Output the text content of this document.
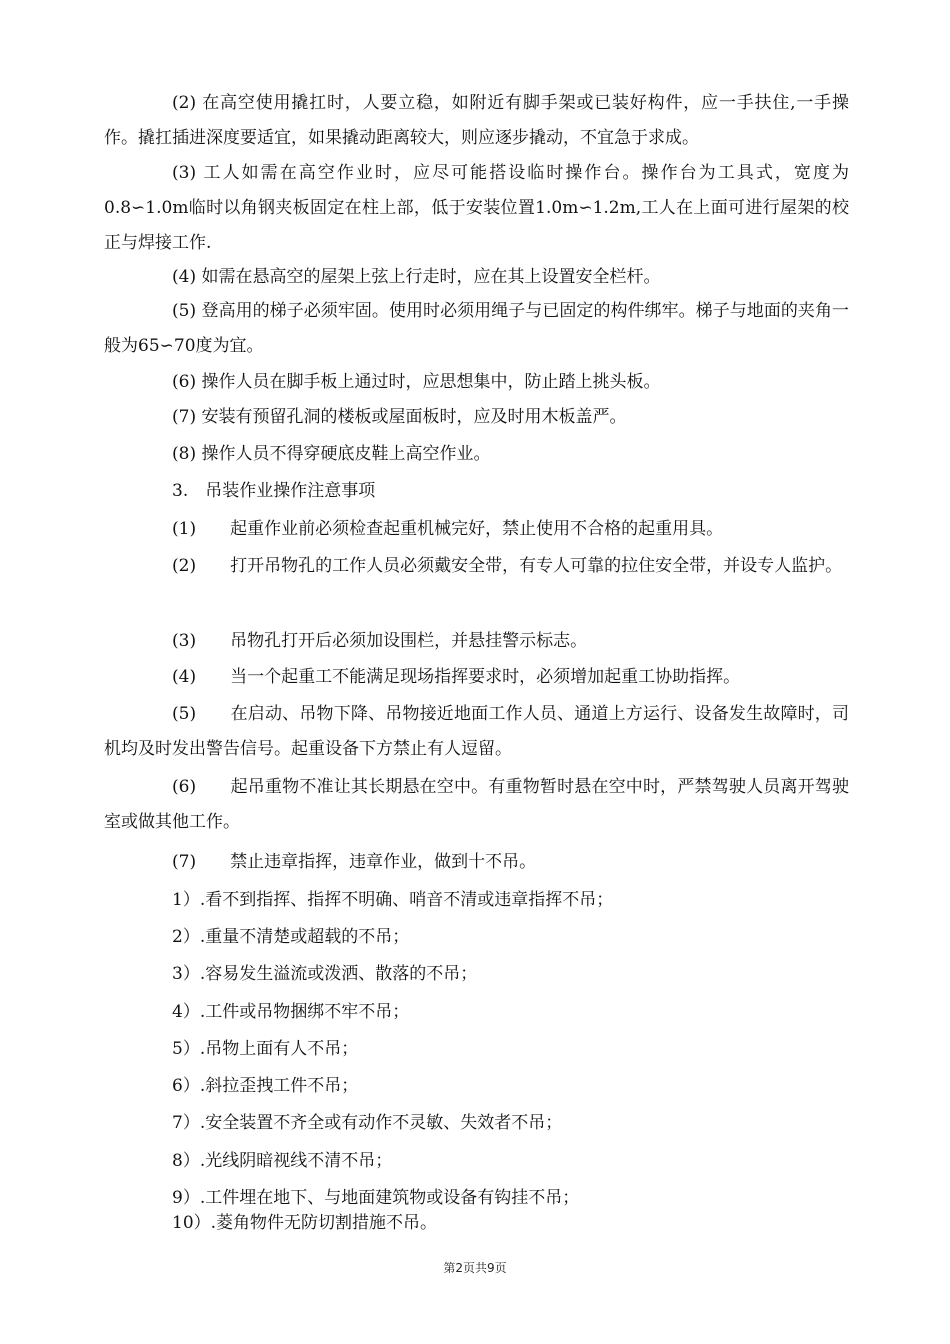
(2) 在高空使用撬扛时，人要立稳，如附近有脚手架或已装好构件，应一手扶住,一手操作。撬扛插进深度要适宜，如果撬动距离较大，则应逐步撬动，不宜急于求成。

(3) 工人如需在高空作业时，应尽可能搭设临时操作台。操作台为工具式，宽度为0.8∽1.0m临时以角钢夹板固定在柱上部，低于安装位置1.0m∽1.2m,工人在上面可进行屋架的校正与焊接工作.

(4) 如需在悬高空的屋架上弦上行走时，应在其上设置安全栏杆。

(5) 登高用的梯子必须牢固。使用时必须用绳子与已固定的构件绑牢。梯子与地面的夹角一般为65∽70度为宜。

(6) 操作人员在脚手板上通过时，应思想集中，防止踏上挑头板。

(7) 安装有预留孔洞的楼板或屋面板时，应及时用木板盖严。

(8) 操作人员不得穿硬底皮鞋上高空作业。

3.　吊装作业操作注意事项

(1)　　起重作业前必须检查起重机械完好，禁止使用不合格的起重用具。

(2)　　打开吊物孔的工作人员必须戴安全带，有专人可靠的拉住安全带，并设专人监护。

(3)　　吊物孔打开后必须加设围栏，并悬挂警示标志。

(4)　　当一个起重工不能满足现场指挥要求时，必须增加起重工协助指挥。

(5)　　在启动、吊物下降、吊物接近地面工作人员、通道上方运行、设备发生故障时，司机均及时发出警告信号。起重设备下方禁止有人逗留。

(6)　　起吊重物不准让其长期悬在空中。有重物暂时悬在空中时，严禁驾驶人员离开驾驶室或做其他工作。

(7)　　禁止违章指挥，违章作业，做到十不吊。

1）.看不到指挥、指挥不明确、哨音不清或违章指挥不吊；

2）.重量不清楚或超载的不吊；

3）.容易发生溢流或泼洒、散落的不吊；

4）.工件或吊物捆绑不牢不吊；

5）.吊物上面有人不吊；

6）.斜拉歪拽工件不吊；

7）.安全装置不齐全或有动作不灵敏、失效者不吊；

8）.光线阴暗视线不清不吊；

9）.工件埋在地下、与地面建筑物或设备有钩挂不吊；

10）.菱角物件无防切割措施不吊。

第2页共9页
